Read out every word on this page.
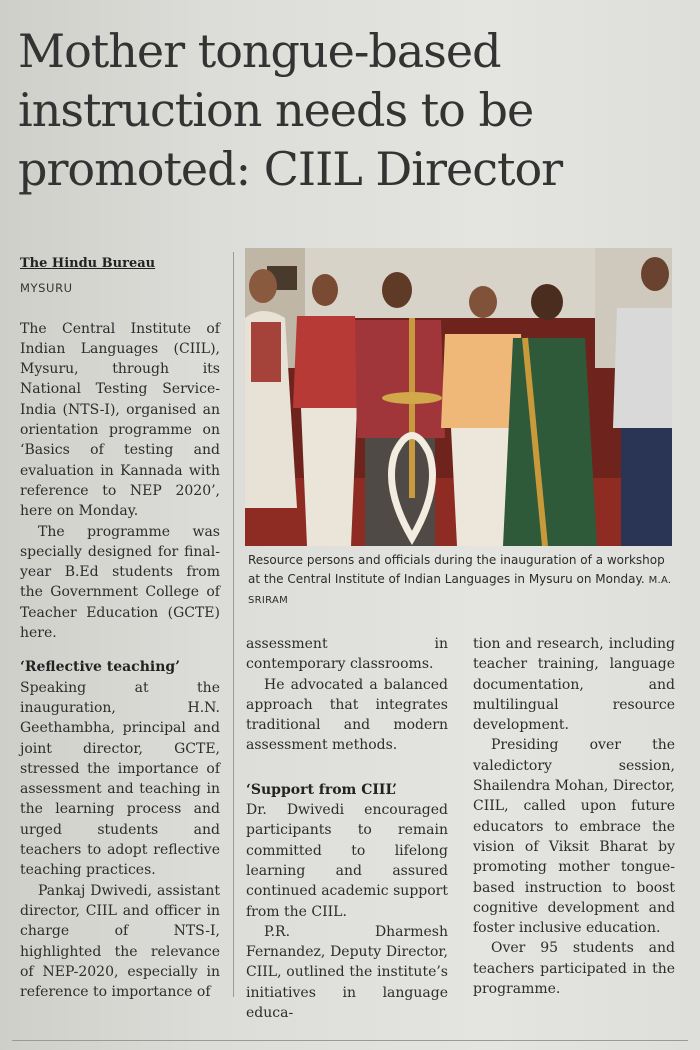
Mother tongue-based instruction needs to be promoted: CIIL Director
The Hindu Bureau
MYSURU

The Central Institute of Indian Languages (CIIL), Mysuru, through its National Testing Service-India (NTS-I), organised an orientation programme on ‘Basics of testing and evaluation in Kannada with reference to NEP 2020’, here on Monday.

The programme was specially designed for final-year B.Ed students from the Government College of Teacher Education (GCTE) here.

‘Reflective teaching’

Speaking at the inauguration, H.N. Geethambha, principal and joint director, GCTE, stressed the importance of assessment and teaching in the learning process and urged students and teachers to adopt reflective teaching practices.

Pankaj Dwivedi, assistant director, CIIL and officer in charge of NTS-I, highlighted the relevance of NEP-2020, especially in reference to importance of

Resource persons and officials during the inauguration of a workshop at the Central Institute of Indian Languages in Mysuru on Monday. M.A. SRIRAM

assessment in contemporary classrooms.

He advocated a balanced approach that integrates traditional and modern assessment methods.

‘Support from CIIL’

Dr. Dwivedi encouraged participants to remain committed to lifelong learning and assured continued academic support from the CIIL.

P.R. Dharmesh Fernandez, Deputy Director, CIIL, outlined the institute’s initiatives in language educa-

tion and research, including teacher training, language documentation, and multilingual resource development.

Presiding over the valedictory session, Shailendra Mohan, Director, CIIL, called upon future educators to embrace the vision of Viksit Bharat by promoting mother tongue-based instruction to boost cognitive development and foster inclusive education.

Over 95 students and teachers participated in the programme.
